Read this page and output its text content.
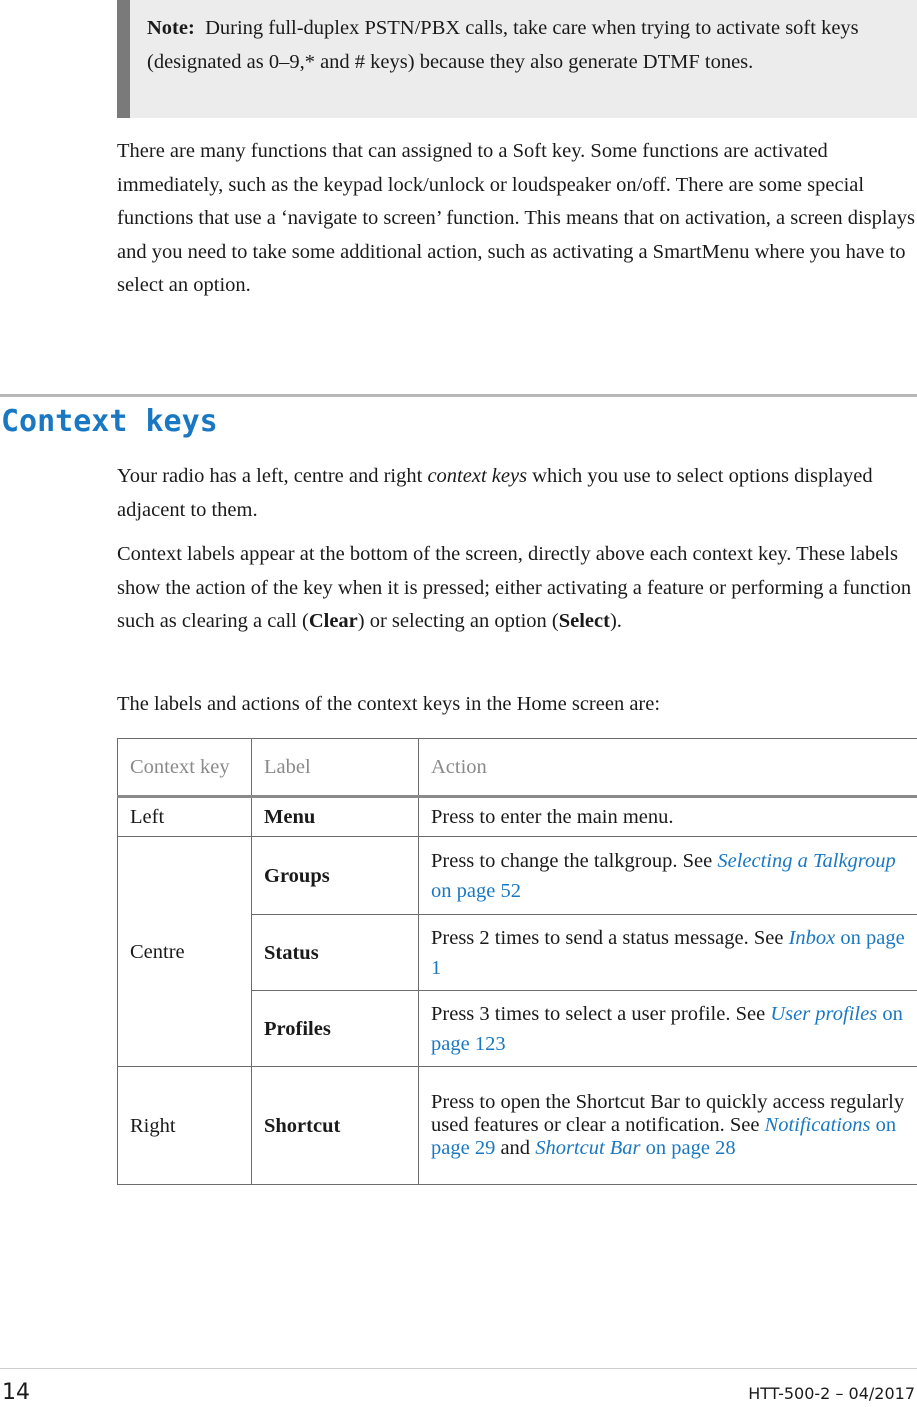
Note: During full-duplex PSTN/PBX calls, take care when trying to activate soft keys (designated as 0–9,* and # keys) because they also generate DTMF tones.

There are many functions that can assigned to a Soft key. Some functions are activated immediately, such as the keypad lock/unlock or loudspeaker on/off. There are some special functions that use a ‘navigate to screen’ function. This means that on activation, a screen displays and you need to take some additional action, such as activating a SmartMenu where you have to select an option.

Context keys

Your radio has a left, centre and right context keys which you use to select options displayed adjacent to them.

Context labels appear at the bottom of the screen, directly above each context key. These labels show the action of the key when it is pressed; either activating a feature or performing a function such as clearing a call (Clear) or selecting an option (Select).

The labels and actions of the context keys in the Home screen are:

Context key	Label	Action
Left	Menu	Press to enter the main menu.
Centre	Groups	Press to change the talkgroup. See Selecting a Talkgroup on page 52
	Status	Press 2 times to send a status message. See Inbox on page 1
	Profiles	Press 3 times to select a user profile. See User profiles on page 123
Right	Shortcut	Press to open the Shortcut Bar to quickly access regularly used features or clear a notification. See Notifications on page 29 and Shortcut Bar on page 28
14	HTT-500-2 – 04/2017
